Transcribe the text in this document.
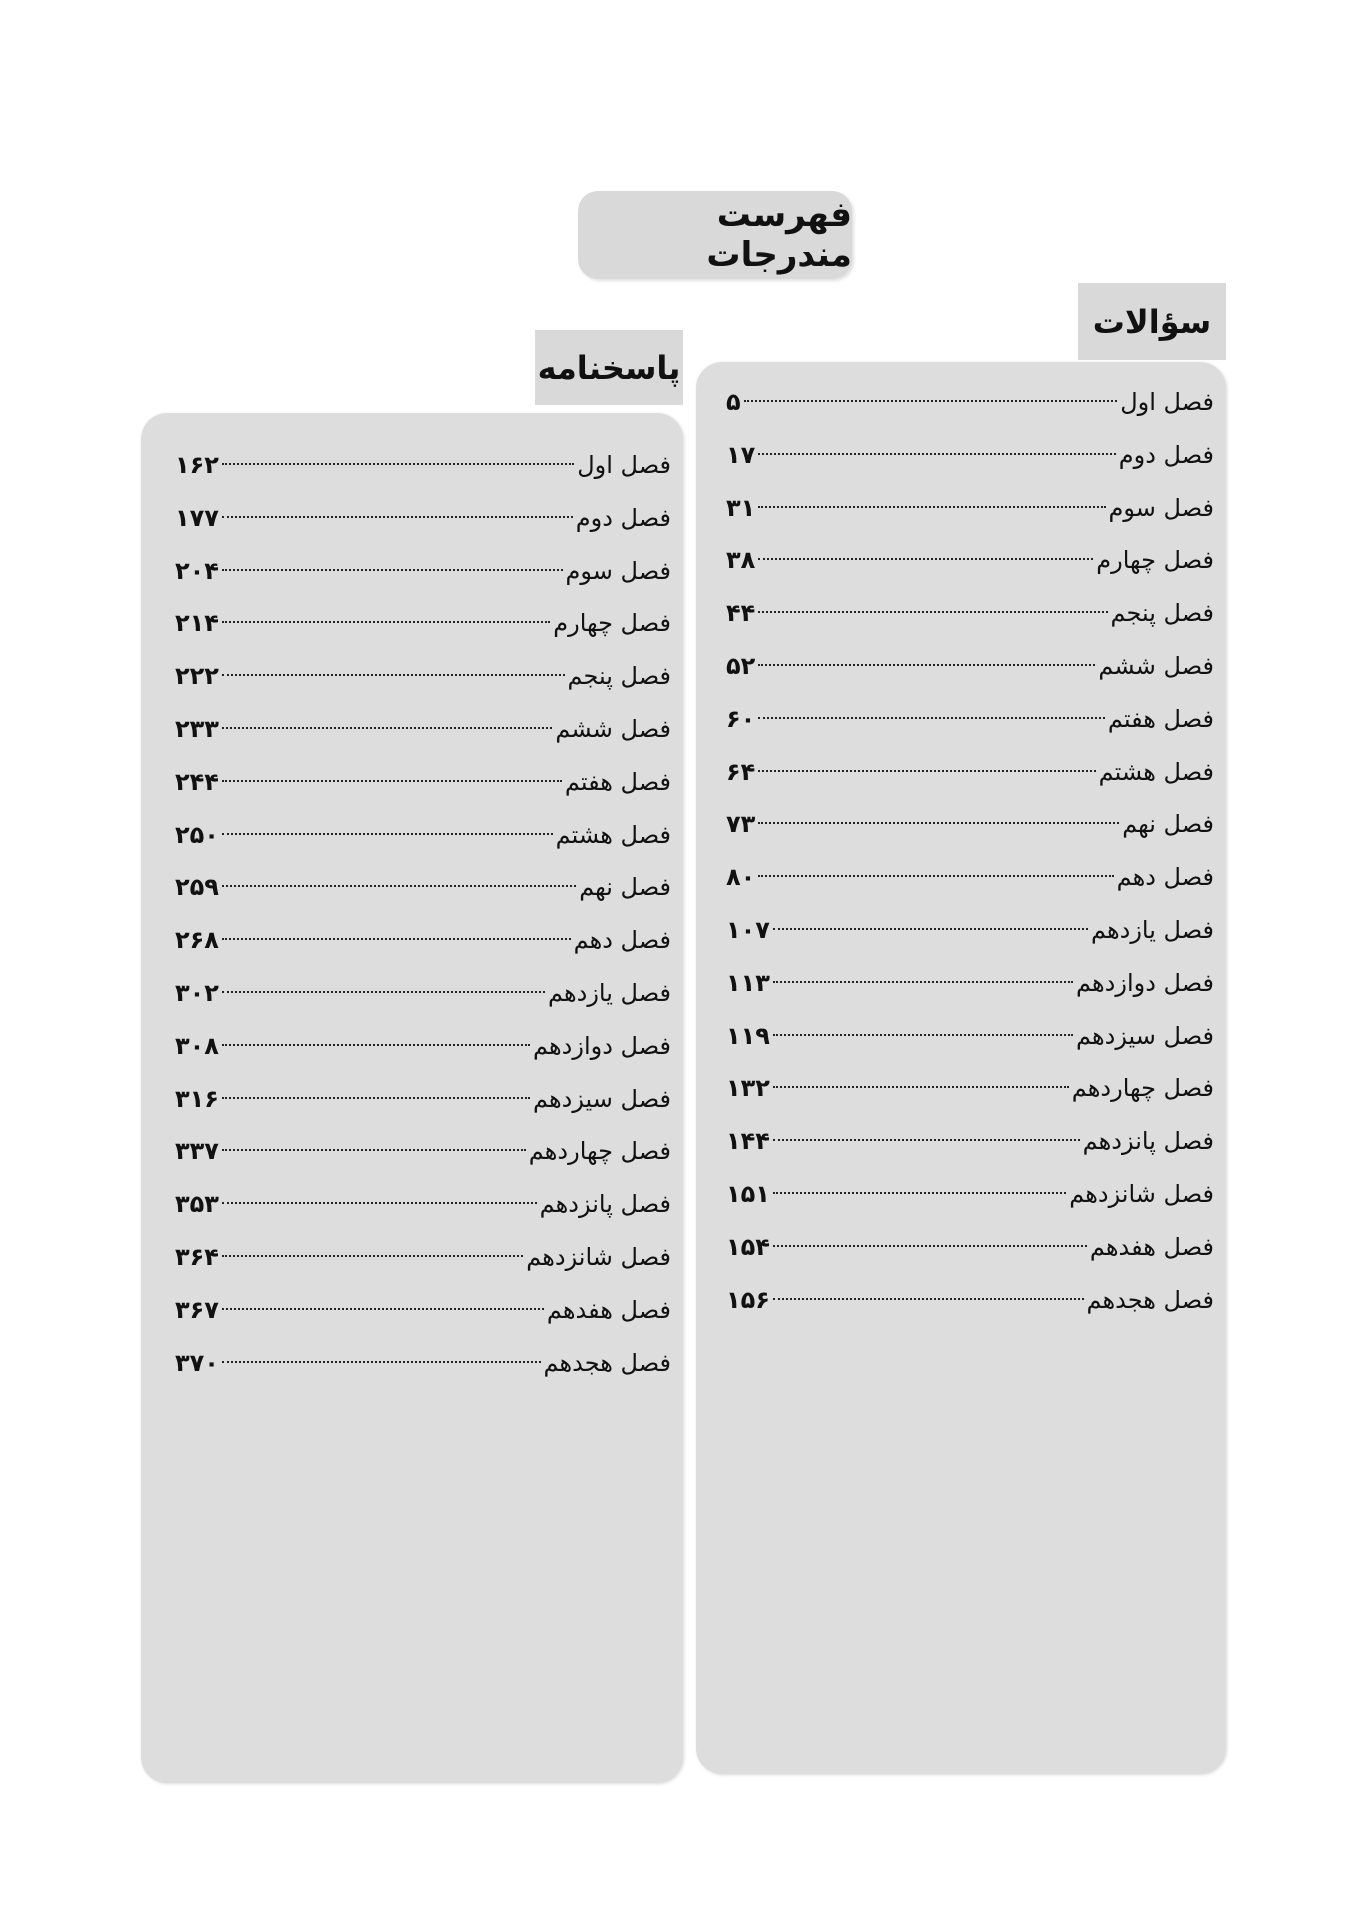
فهرست مندرجات
سؤالات
فصل اول
۵
فصل دوم
۱۷
فصل سوم
۳۱
فصل چهارم
۳۸
فصل پنجم
۴۴
فصل ششم
۵۲
فصل هفتم
۶۰
فصل هشتم
۶۴
فصل نهم
۷۳
فصل دهم
۸۰
فصل یازدهم
۱۰۷
فصل دوازدهم
۱۱۳
فصل سیزدهم
۱۱۹
فصل چهاردهم
۱۳۲
فصل پانزدهم
۱۴۴
فصل شانزدهم
۱۵۱
فصل هفدهم
۱۵۴
فصل هجدهم
۱۵۶
پاسخنامه
فصل اول
۱۶۲
فصل دوم
۱۷۷
فصل سوم
۲۰۴
فصل چهارم
۲۱۴
فصل پنجم
۲۲۲
فصل ششم
۲۳۳
فصل هفتم
۲۴۴
فصل هشتم
۲۵۰
فصل نهم
۲۵۹
فصل دهم
۲۶۸
فصل یازدهم
۳۰۲
فصل دوازدهم
۳۰۸
فصل سیزدهم
۳۱۶
فصل چهاردهم
۳۳۷
فصل پانزدهم
۳۵۳
فصل شانزدهم
۳۶۴
فصل هفدهم
۳۶۷
فصل هجدهم
۳۷۰
